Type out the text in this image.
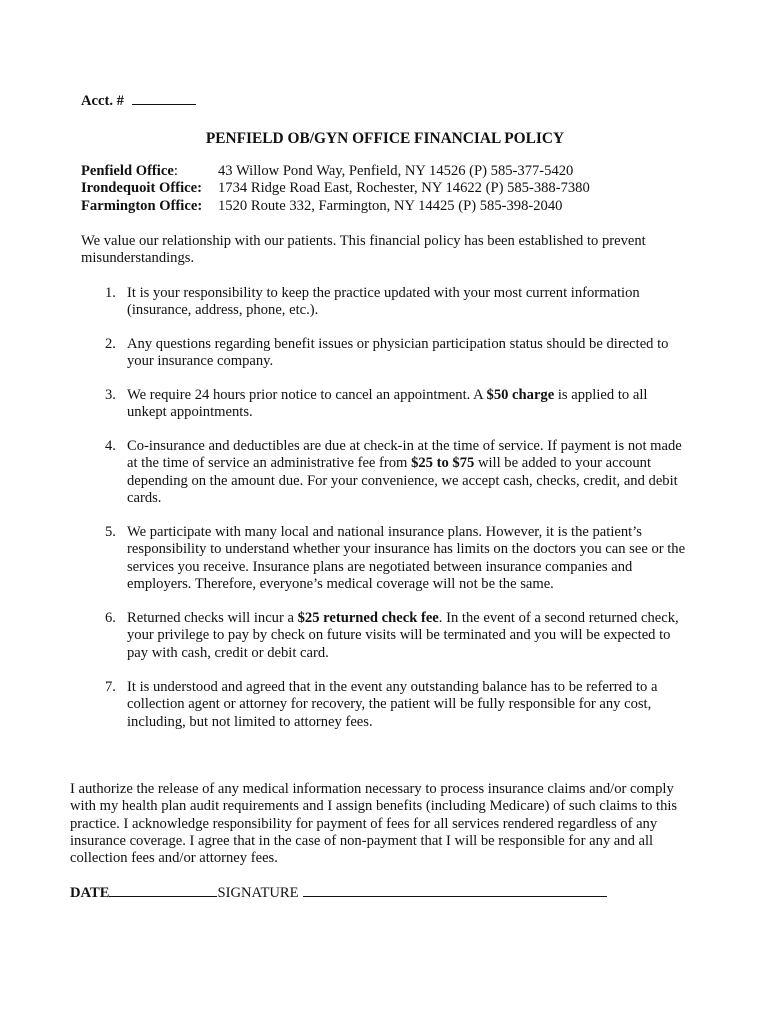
Acct. #
PENFIELD OB/GYN OFFICE FINANCIAL POLICY
Penfield Office:	43 Willow Pond Way, Penfield, NY 14526 (P) 585-377-5420
Irondequoit Office:	1734 Ridge Road East, Rochester, NY 14622 (P) 585-388-7380
Farmington Office:	1520 Route 332, Farmington, NY 14425 (P) 585-398-2040
We value our relationship with our patients. This financial policy has been established to prevent misunderstandings.
1. It is your responsibility to keep the practice updated with your most current information (insurance, address, phone, etc.).
2. Any questions regarding benefit issues or physician participation status should be directed to your insurance company.
3. We require 24 hours prior notice to cancel an appointment. A $50 charge is applied to all unkept appointments.
4. Co-insurance and deductibles are due at check-in at the time of service. If payment is not made at the time of service an administrative fee from $25 to $75 will be added to your account depending on the amount due. For your convenience, we accept cash, checks, credit, and debit cards.
5. We participate with many local and national insurance plans. However, it is the patient’s responsibility to understand whether your insurance has limits on the doctors you can see or the services you receive. Insurance plans are negotiated between insurance companies and employers. Therefore, everyone’s medical coverage will not be the same.
6. Returned checks will incur a $25 returned check fee. In the event of a second returned check, your privilege to pay by check on future visits will be terminated and you will be expected to pay with cash, credit or debit card.
7. It is understood and agreed that in the event any outstanding balance has to be referred to a collection agent or attorney for recovery, the patient will be fully responsible for any cost, including, but not limited to attorney fees.
I authorize the release of any medical information necessary to process insurance claims and/or comply with my health plan audit requirements and I assign benefits (including Medicare) of such claims to this practice. I acknowledge responsibility for payment of fees for all services rendered regardless of any insurance coverage. I agree that in the case of non-payment that I will be responsible for any and all collection fees and/or attorney fees.
DATE	SIGNATURE
